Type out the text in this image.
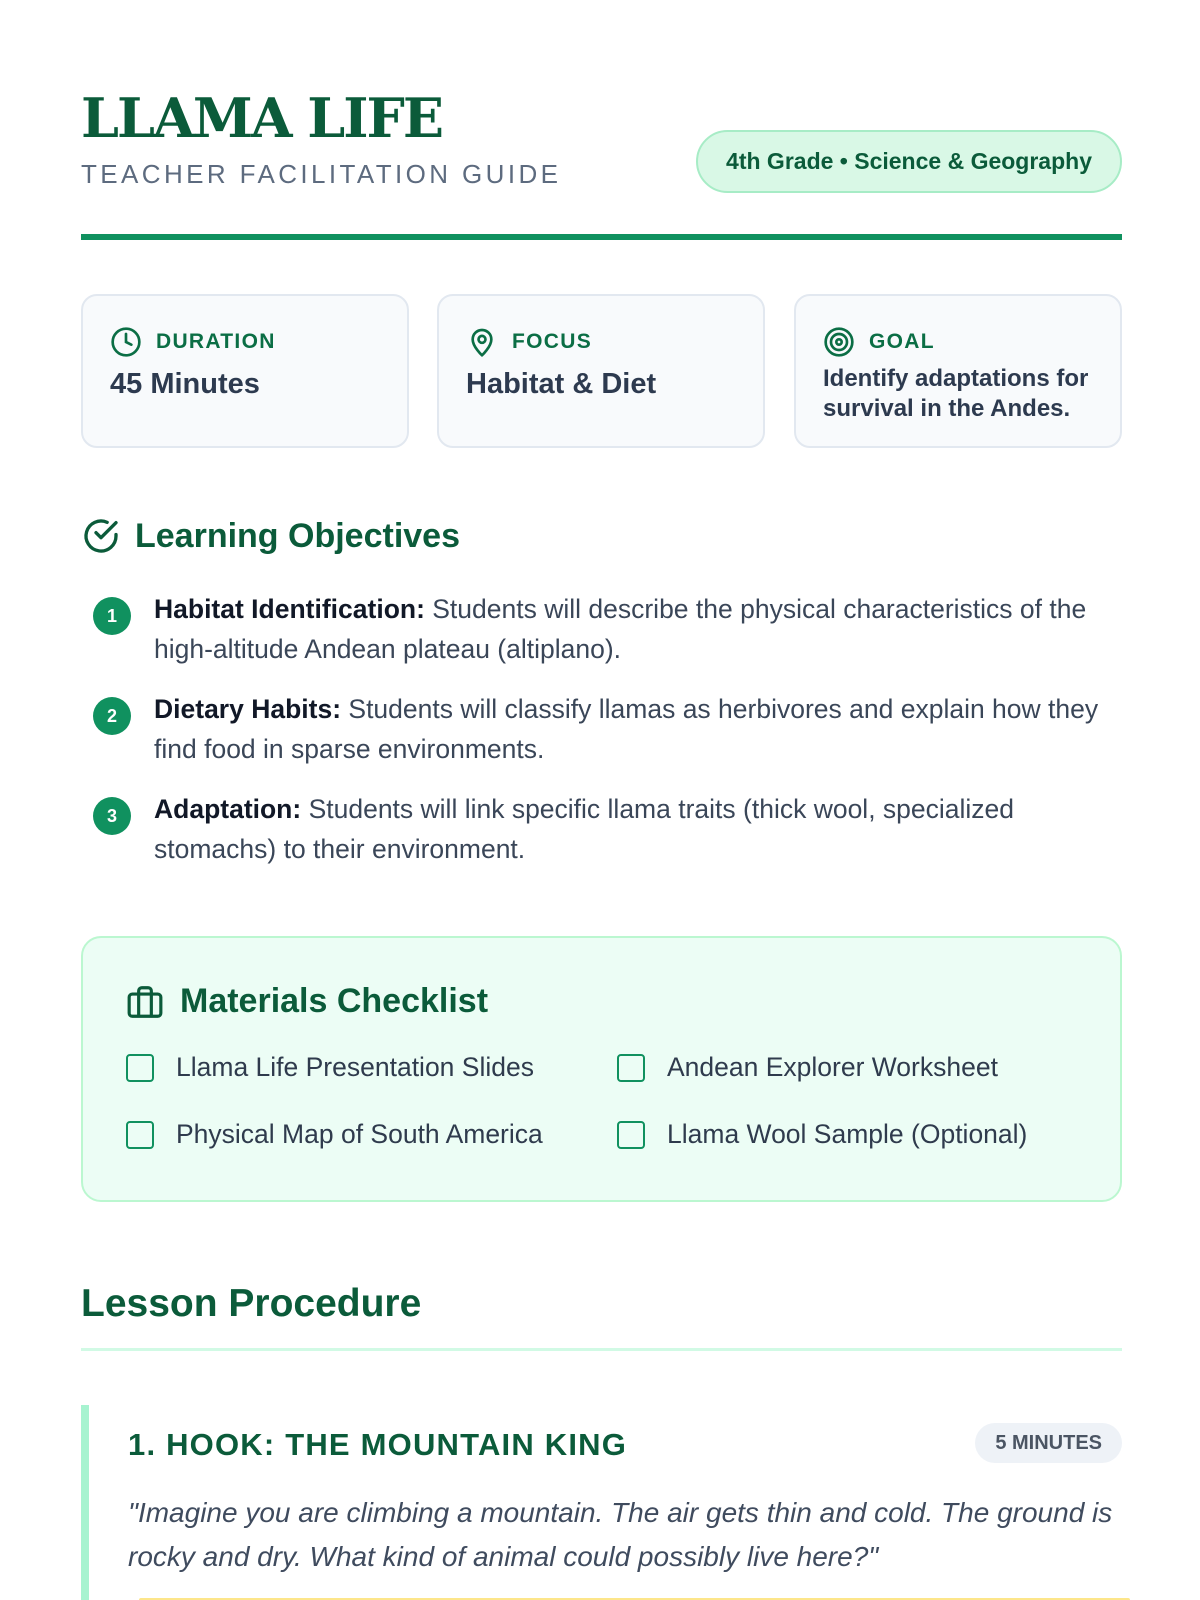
LLAMA LIFE
TEACHER FACILITATION GUIDE	4th Grade • Science & Geography
DURATION
45 Minutes
FOCUS
Habitat & Diet
GOAL
Identify adaptations for survival in the Andes.
Learning Objectives
1	Habitat Identification: Students will describe the physical characteristics of the high-altitude Andean plateau (altiplano).
2	Dietary Habits: Students will classify llamas as herbivores and explain how they find food in sparse environments.
3	Adaptation: Students will link specific llama traits (thick wool, specialized stomachs) to their environment.
Materials Checklist
Llama Life Presentation Slides	Andean Explorer Worksheet
Physical Map of South America	Llama Wool Sample (Optional)
Lesson Procedure
1. HOOK: THE MOUNTAIN KING	5 MINUTES
"Imagine you are climbing a mountain. The air gets thin and cold. The ground is rocky and dry. What kind of animal could possibly live here?"
